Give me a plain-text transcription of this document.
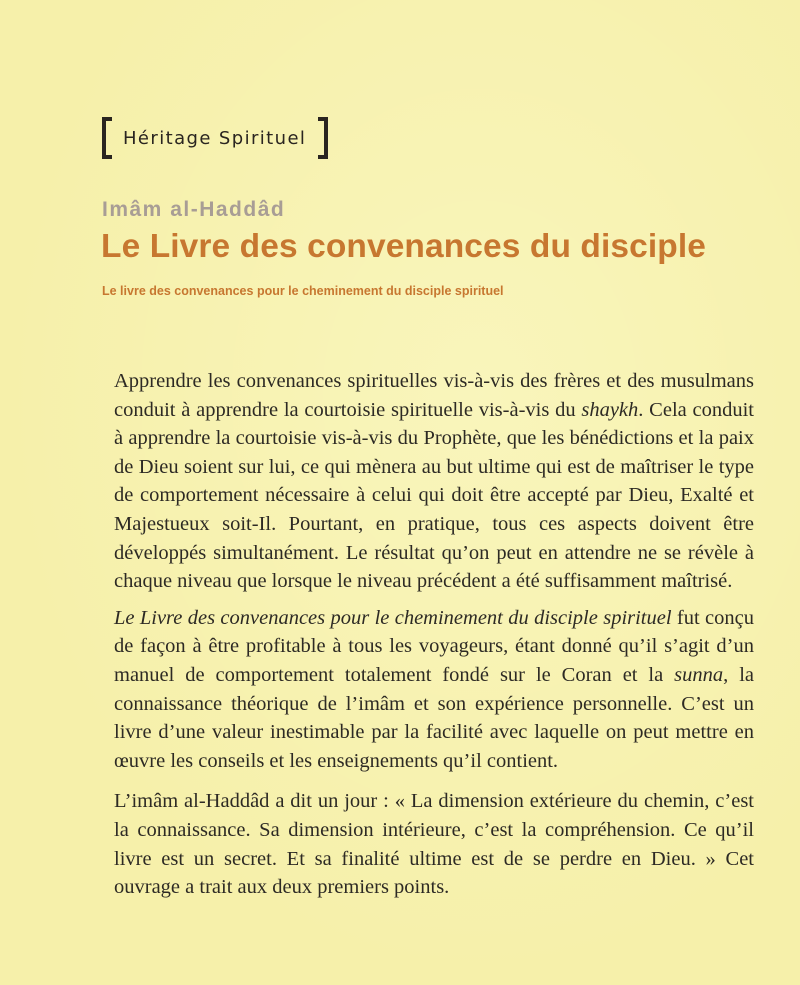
Héritage Spirituel
Imâm al-Haddâd
Le Livre des convenances du disciple
Le livre des convenances pour le cheminement du disciple spirituel

Apprendre les convenances spirituelles vis-à-vis des frères et des musulmans conduit à apprendre la courtoisie spirituelle vis-à-vis du shaykh. Cela conduit à apprendre la courtoisie vis-à-vis du Prophète, que les bénédictions et la paix de Dieu soient sur lui, ce qui mènera au but ultime qui est de maîtriser le type de comportement nécessaire à celui qui doit être accepté par Dieu, Exalté et Majestueux soit-Il. Pourtant, en pratique, tous ces aspects doivent être développés simultanément. Le résultat qu’on peut en attendre ne se révèle à chaque niveau que lorsque le niveau précédent a été suffisamment maîtrisé.

Le Livre des convenances pour le cheminement du disciple spirituel fut conçu de façon à être profitable à tous les voyageurs, étant donné qu’il s’agit d’un manuel de comportement totalement fondé sur le Coran et la sunna, la connaissance théorique de l’imâm et son expérience personnelle. C’est un livre d’une valeur inestimable par la facilité avec laquelle on peut mettre en œuvre les conseils et les enseignements qu’il contient.

L’imâm al-Haddâd a dit un jour : « La dimension extérieure du chemin, c’est la connaissance. Sa dimension intérieure, c’est la compréhension. Ce qu’il livre est un secret. Et sa finalité ultime est de se perdre en Dieu. » Cet ouvrage a trait aux deux premiers points.
